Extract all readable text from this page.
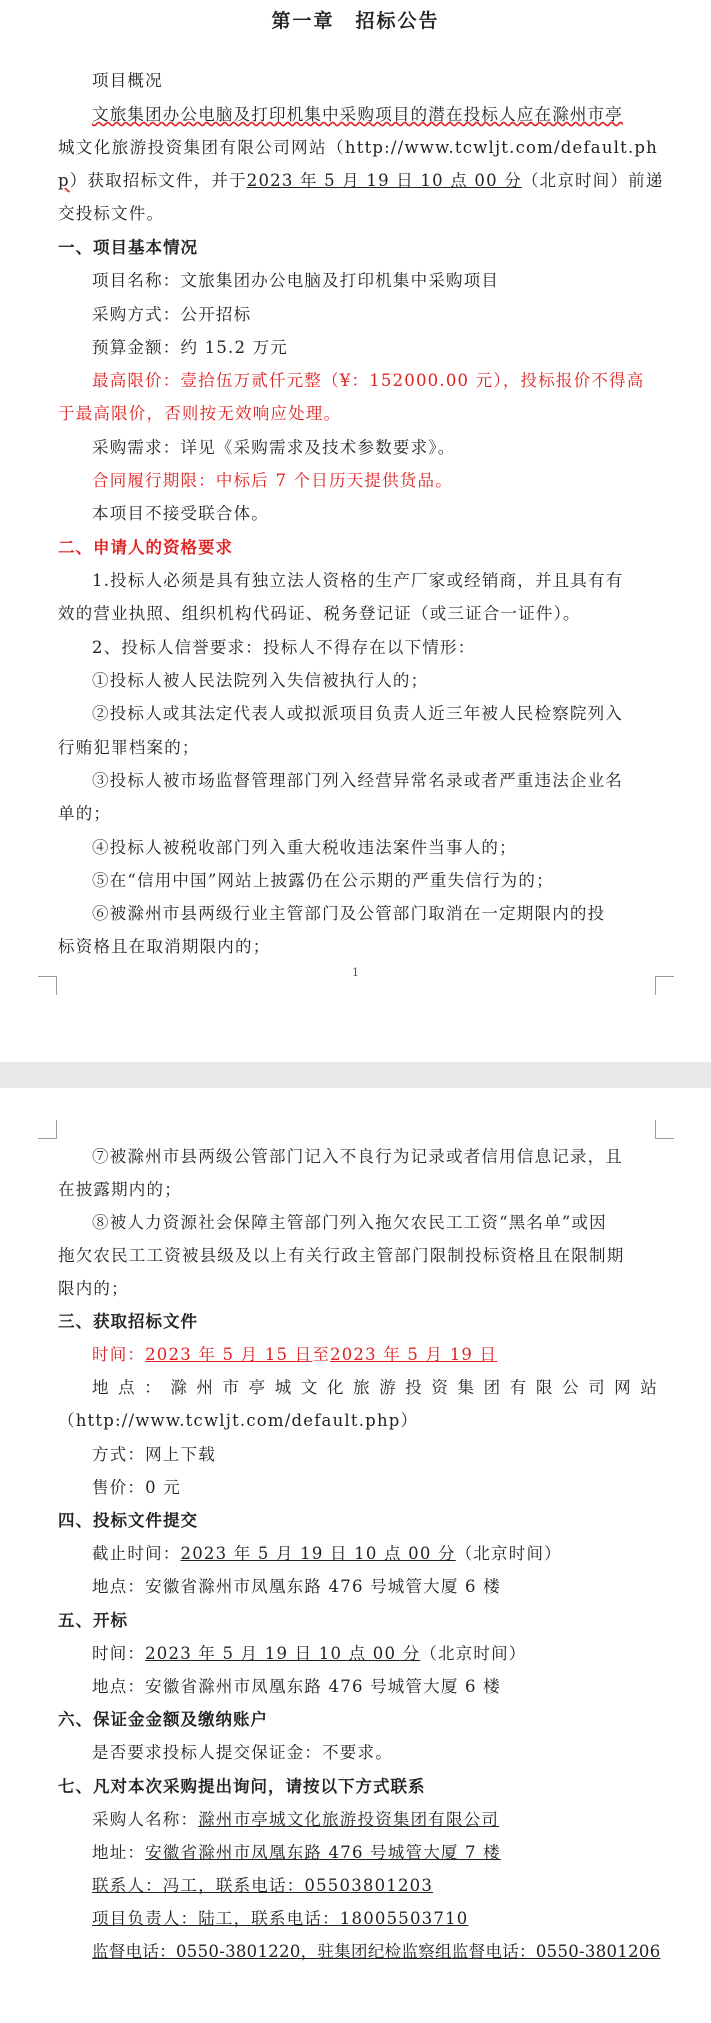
第一章　招标公告
项目概况
文旅集团办公电脑及打印机集中采购项目的潜在投标人应在滁州市亭
城文化旅游投资集团有限公司网站（http://www.tcwljt.com/default.ph
p）获取招标文件，并于2023 年 5 月 19 日 10 点 00 分（北京时间）前递
交投标文件。
一、项目基本情况
项目名称：文旅集团办公电脑及打印机集中采购项目
采购方式：公开招标
预算金额：约 15.2 万元
最高限价：壹拾伍万贰仟元整（¥：152000.00 元），投标报价不得高
于最高限价，否则按无效响应处理。
采购需求：详见《采购需求及技术参数要求》。
合同履行期限：中标后 7 个日历天提供货品。
本项目不接受联合体。
二、申请人的资格要求
1.投标人必须是具有独立法人资格的生产厂家或经销商，并且具有有
效的营业执照、组织机构代码证、税务登记证（或三证合一证件）。
2、投标人信誉要求：投标人不得存在以下情形：
①投标人被人民法院列入失信被执行人的；
②投标人或其法定代表人或拟派项目负责人近三年被人民检察院列入
行贿犯罪档案的；
③投标人被市场监督管理部门列入经营异常名录或者严重违法企业名
单的；
④投标人被税收部门列入重大税收违法案件当事人的；
⑤在“信用中国”网站上披露仍在公示期的严重失信行为的；
⑥被滁州市县两级行业主管部门及公管部门取消在一定期限内的投
标资格且在取消期限内的；
1
⑦被滁州市县两级公管部门记入不良行为记录或者信用信息记录，且
在披露期内的；
⑧被人力资源社会保障主管部门列入拖欠农民工工资“黑名单”或因
拖欠农民工工资被县级及以上有关行政主管部门限制投标资格且在限制期
限内的；
三、获取招标文件
时间：2023 年 5 月 15 日至2023 年 5 月 19 日
地点：滁州市亭城文化旅游投资集团有限公司网站
（http://www.tcwljt.com/default.php）
方式：网上下载
售价：0 元
四、投标文件提交
截止时间：2023 年 5 月 19 日 10 点 00 分（北京时间）
地点：安徽省滁州市凤凰东路 476 号城管大厦 6 楼
五、开标
时间：2023 年 5 月 19 日 10 点 00 分（北京时间）
地点：安徽省滁州市凤凰东路 476 号城管大厦 6 楼
六、保证金金额及缴纳账户
是否要求投标人提交保证金：不要求。
七、凡对本次采购提出询问，请按以下方式联系
采购人名称：滁州市亭城文化旅游投资集团有限公司
地址：安徽省滁州市凤凰东路 476 号城管大厦 7 楼
联系人：冯工，联系电话：05503801203
项目负责人：陆工，联系电话：18005503710
监督电话：0550-3801220，驻集团纪检监察组监督电话：0550-3801206
